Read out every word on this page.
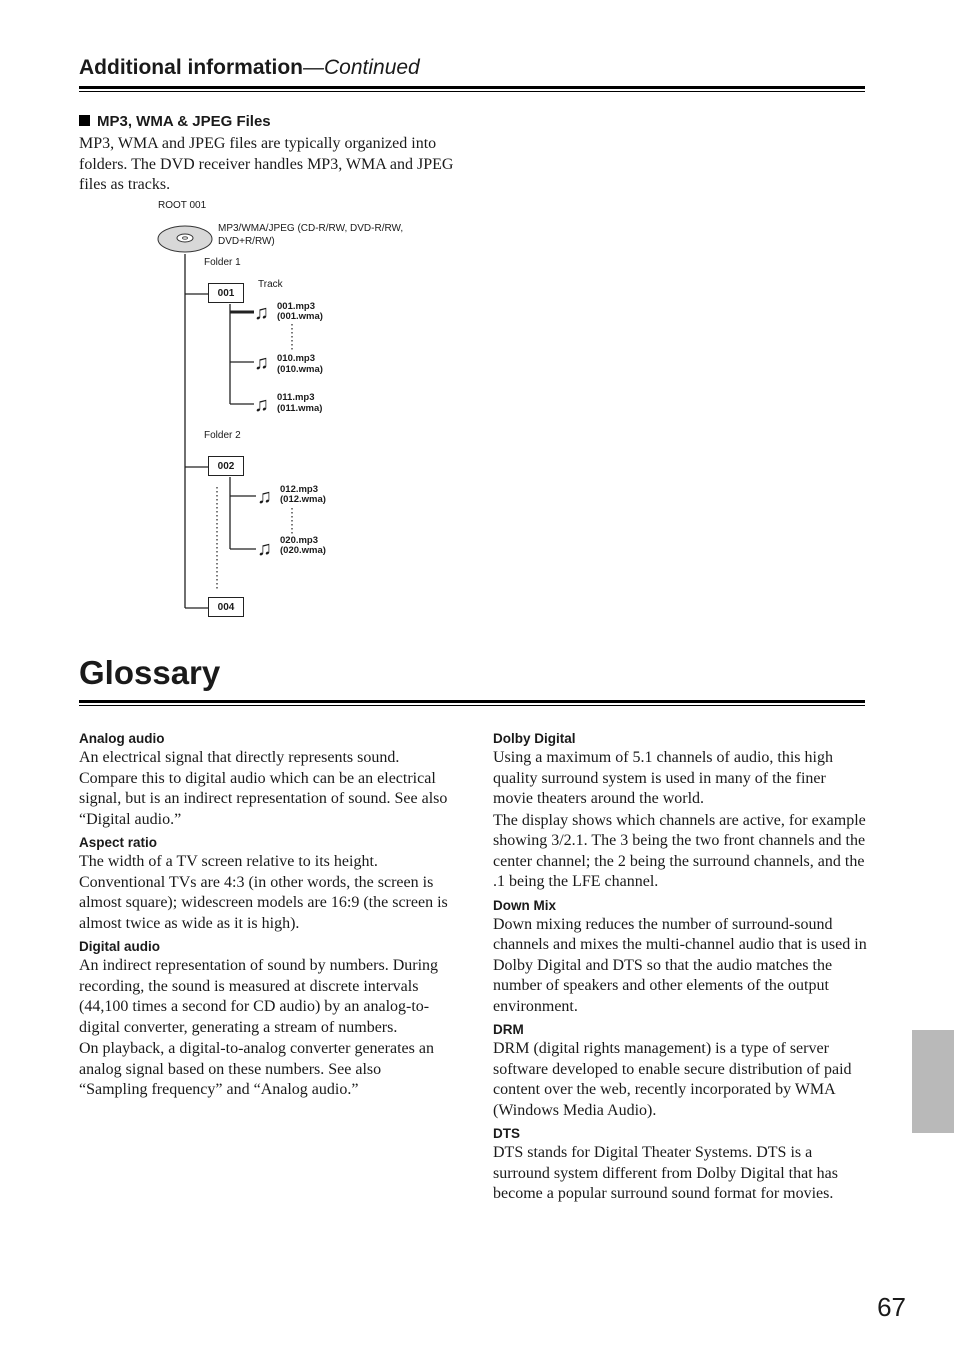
Additional information—Continued
MP3, WMA & JPEG Files

MP3, WMA and JPEG files are typically organized into folders. The DVD receiver handles MP3, WMA and JPEG files as tracks.

ROOT 001
MP3/WMA/JPEG (CD-R/RW, DVD-R/RW,
DVD+R/RW)
Folder 1
Track
001
♫ 001.mp3
(001.wma)
♫ 010.mp3
(010.wma)
♫ 011.mp3
(011.wma)
Folder 2
002
♫ 012.mp3
(012.wma)
♫ 020.mp3
(020.wma)
004
Glossary
Analog audio

An electrical signal that directly represents sound. Compare this to digital audio which can be an electrical signal, but is an indirect representation of sound. See also “Digital audio.”

Aspect ratio

The width of a TV screen relative to its height. Conventional TVs are 4:3 (in other words, the screen is almost square); widescreen models are 16:9 (the screen is almost twice as wide as it is high).

Digital audio

An indirect representation of sound by numbers. During recording, the sound is measured at discrete intervals (44,100 times a second for CD audio) by an analog-to-digital converter, generating a stream of numbers.

On playback, a digital-to-analog converter generates an analog signal based on these numbers. See also “Sampling frequency” and “Analog audio.”

Dolby Digital

Using a maximum of 5.1 channels of audio, this high quality surround system is used in many of the finer movie theaters around the world.

The display shows which channels are active, for example showing 3/2.1. The 3 being the two front channels and the center channel; the 2 being the surround channels, and the .1 being the LFE channel.

Down Mix

Down mixing reduces the number of surround-sound channels and mixes the multi-channel audio that is used in Dolby Digital and DTS so that the audio matches the number of speakers and other elements of the output environment.

DRM

DRM (digital rights management) is a type of server software developed to enable secure distribution of paid content over the web, recently incorporated by WMA (Windows Media Audio).

DTS

DTS stands for Digital Theater Systems. DTS is a surround system different from Dolby Digital that has become a popular surround sound format for movies.

67
